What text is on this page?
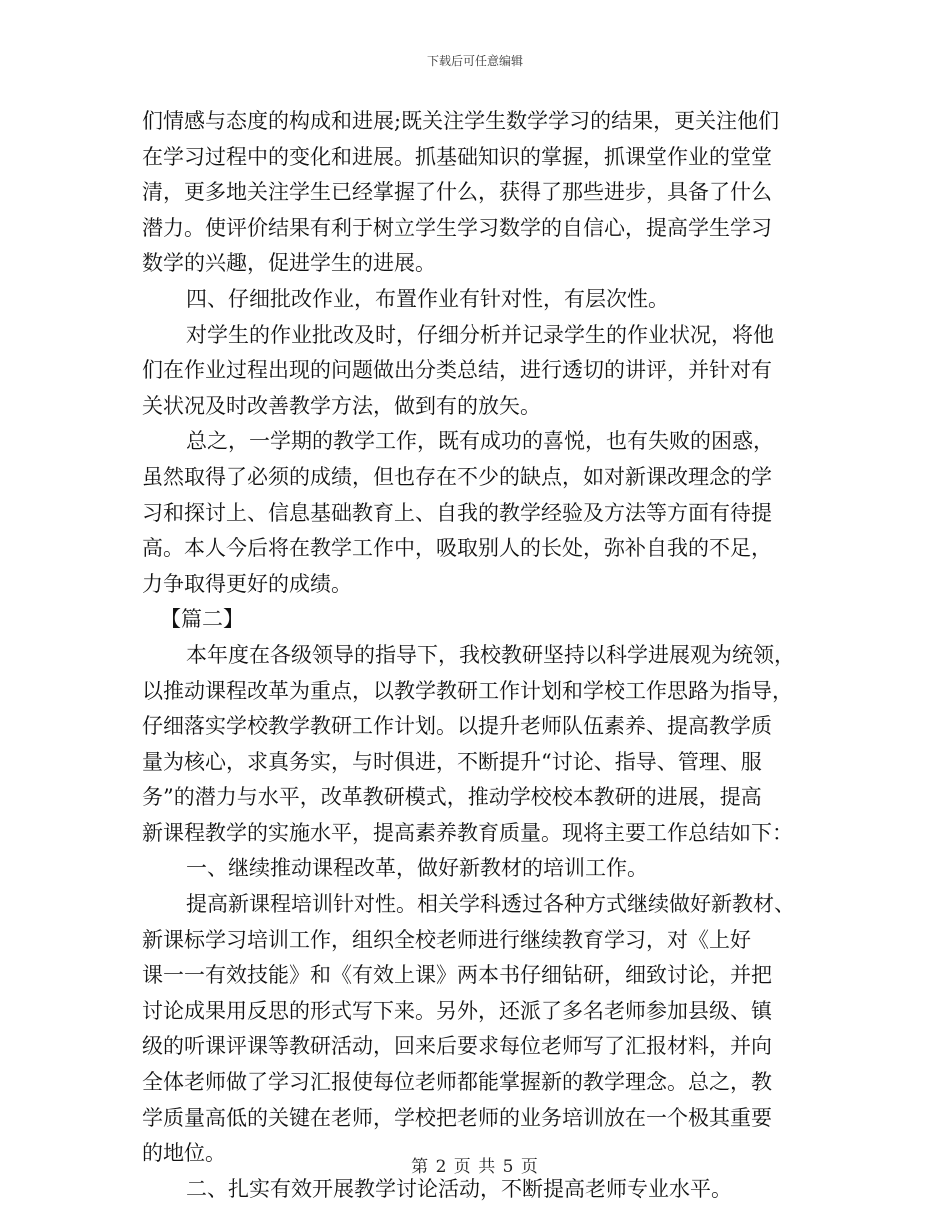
下载后可任意编辑
们情感与态度的构成和进展;既关注学生数学学习的结果，更关注他们
在学习过程中的变化和进展。抓基础知识的掌握，抓课堂作业的堂堂
清，更多地关注学生已经掌握了什么，获得了那些进步，具备了什么
潜力。使评价结果有利于树立学生学习数学的自信心，提高学生学习
数学的兴趣，促进学生的进展。
四、仔细批改作业，布置作业有针对性，有层次性。
对学生的作业批改及时，仔细分析并记录学生的作业状况，将他
们在作业过程出现的问题做出分类总结，进行透切的讲评，并针对有
关状况及时改善教学方法，做到有的放矢。
总之，一学期的教学工作，既有成功的喜悦，也有失败的困惑，
虽然取得了必须的成绩，但也存在不少的缺点，如对新课改理念的学
习和探讨上、信息基础教育上、自我的教学经验及方法等方面有待提
高。本人今后将在教学工作中，吸取别人的长处，弥补自我的不足，
力争取得更好的成绩。
【篇二】
本年度在各级领导的指导下，我校教研坚持以科学进展观为统领，
以推动课程改革为重点，以教学教研工作计划和学校工作思路为指导，
仔细落实学校教学教研工作计划。以提升老师队伍素养、提高教学质
量为核心，求真务实，与时俱进，不断提升“讨论、指导、管理、服
务”的潜力与水平，改革教研模式，推动学校校本教研的进展，提高
新课程教学的实施水平，提高素养教育质量。现将主要工作总结如下：
一、继续推动课程改革，做好新教材的培训工作。
提高新课程培训针对性。相关学科透过各种方式继续做好新教材、
新课标学习培训工作，组织全校老师进行继续教育学习，对《上好
课一一有效技能》和《有效上课》两本书仔细钻研，细致讨论，并把
讨论成果用反思的形式写下来。另外，还派了多名老师参加县级、镇
级的听课评课等教研活动，回来后要求每位老师写了汇报材料，并向
全体老师做了学习汇报使每位老师都能掌握新的教学理念。总之，教
学质量高低的关键在老师，学校把老师的业务培训放在一个极其重要
的地位。
二、扎实有效开展教学讨论活动，不断提高老师专业水平。
第 2 页 共 5 页
